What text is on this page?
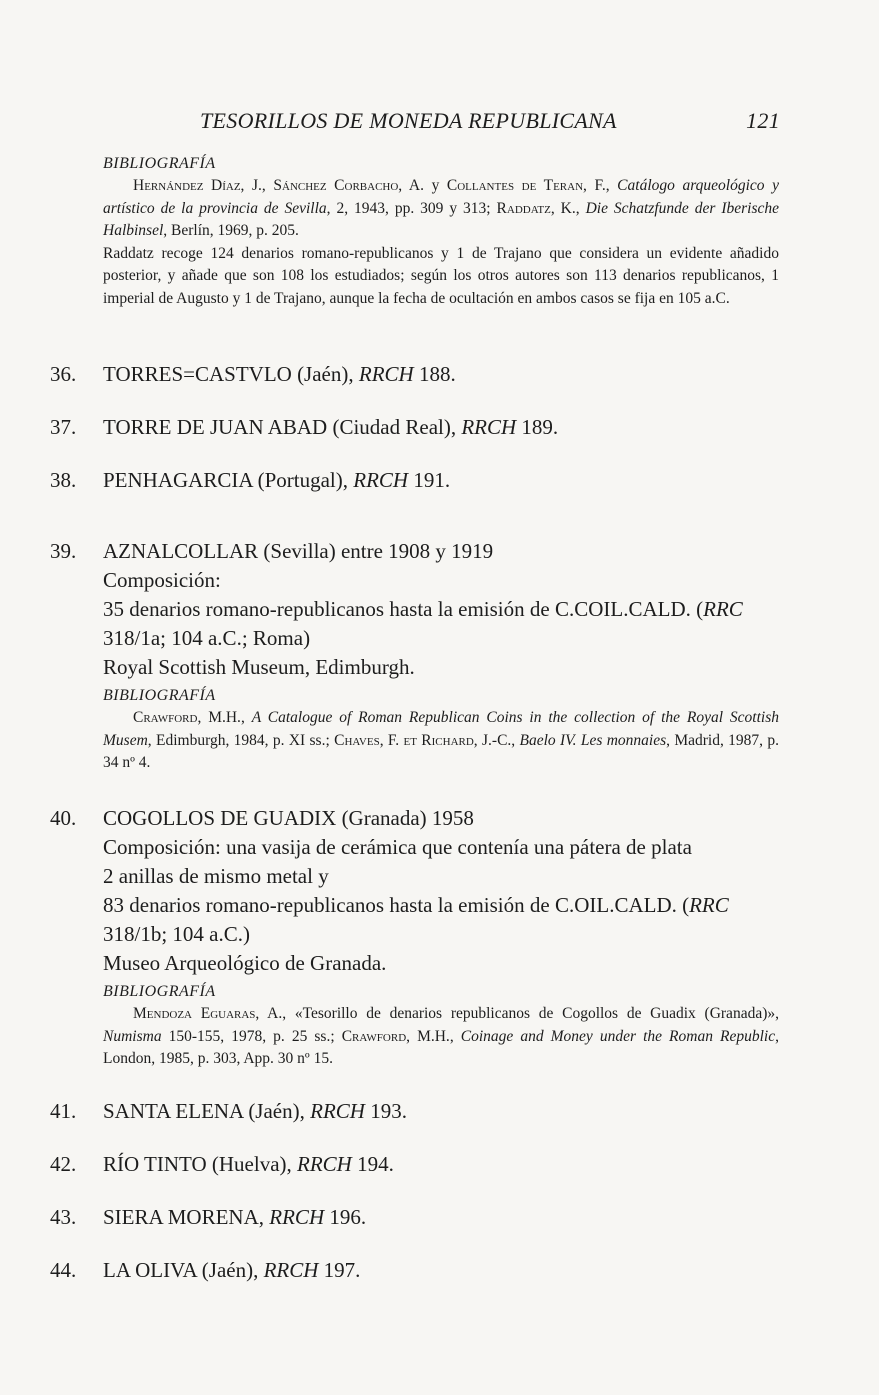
TESORILLOS DE MONEDA REPUBLICANA	121
BIBLIOGRAFÍA
Hernández Díaz, J., Sánchez Corbacho, A. y Collantes de Teran, F., Catálogo arqueológico y artístico de la provincia de Sevilla, 2, 1943, pp. 309 y 313; Raddatz, K., Die Schatzfunde der Iberische Halbinsel, Berlín, 1969, p. 205.
Raddatz recoge 124 denarios romano-republicanos y 1 de Trajano que considera un evidente añadido posterior, y añade que son 108 los estudiados; según los otros autores son 113 denarios republicanos, 1 imperial de Augusto y 1 de Trajano, aunque la fecha de ocultación en ambos casos se fija en 105 a.C.
36.	TORRES=CASTVLO (Jaén), RRCH 188.
37.	TORRE DE JUAN ABAD (Ciudad Real), RRCH 189.
38.	PENHAGARCIA (Portugal), RRCH 191.
39.	AZNALCOLLAR (Sevilla) entre 1908 y 1919
Composición:
35 denarios romano-republicanos hasta la emisión de C.COIL.CALD. (RRC
318/1a; 104 a.C.; Roma)
Royal Scottish Museum, Edimburgh.
BIBLIOGRAFÍA
Crawford, M.H., A Catalogue of Roman Republican Coins in the collection of the Royal Scottish Musem, Edimburgh, 1984, p. XI ss.; Chaves, F. et Richard, J.-C., Baelo IV. Les monnaies, Madrid, 1987, p. 34 nº 4.
40.	COGOLLOS DE GUADIX (Granada) 1958
Composición: una vasija de cerámica que contenía una pátera de plata
2 anillas de mismo metal y
83 denarios romano-republicanos hasta la emisión de C.OIL.CALD. (RRC
318/1b; 104 a.C.)
Museo Arqueológico de Granada.
BIBLIOGRAFÍA
Mendoza Eguaras, A., «Tesorillo de denarios republicanos de Cogollos de Guadix (Granada)», Numisma 150-155, 1978, p. 25 ss.; Crawford, M.H., Coinage and Money under the Roman Republic, London, 1985, p. 303, App. 30 nº 15.
41.	SANTA ELENA (Jaén), RRCH 193.
42.	RÍO TINTO (Huelva), RRCH 194.
43.	SIERA MORENA, RRCH 196.
44.	LA OLIVA (Jaén), RRCH 197.
